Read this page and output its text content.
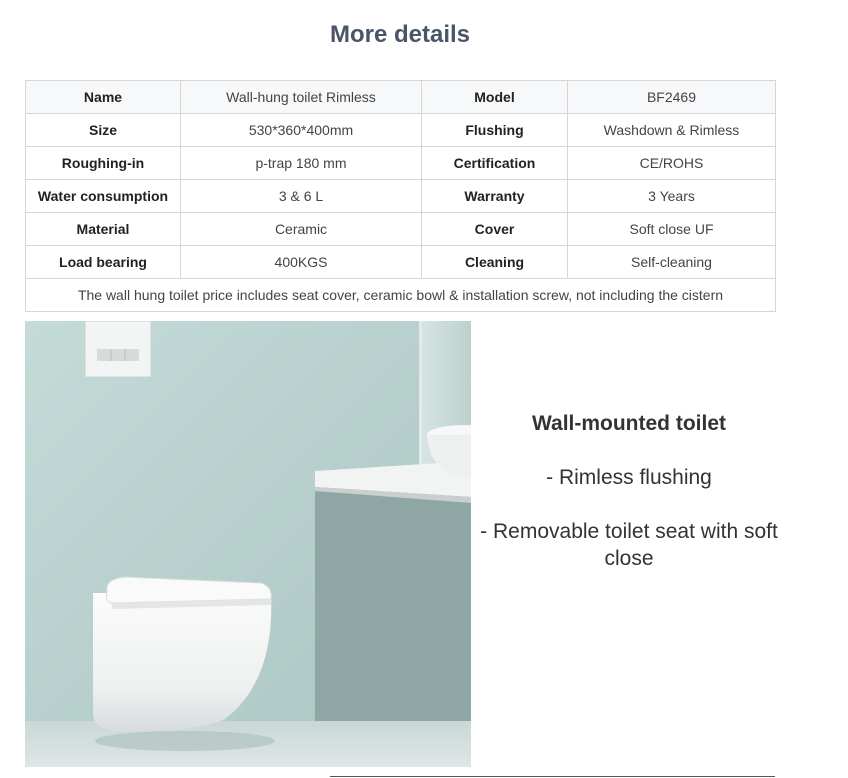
More details
Name	Wall-hung toilet Rimless	Model	BF2469
Size	530*360*400mm	Flushing	Washdown & Rimless
Roughing-in	p-trap 180 mm	Certification	CE/ROHS
Water consumption	3 & 6 L	Warranty	3 Years
Material	Ceramic	Cover	Soft close UF
Load bearing	400KGS	Cleaning	Self-cleaning
The wall hung toilet price includes seat cover, ceramic bowl & installation screw, not including the cistern			
Wall-mounted toilet
- Rimless flushing
- Removable toilet seat with soft close
